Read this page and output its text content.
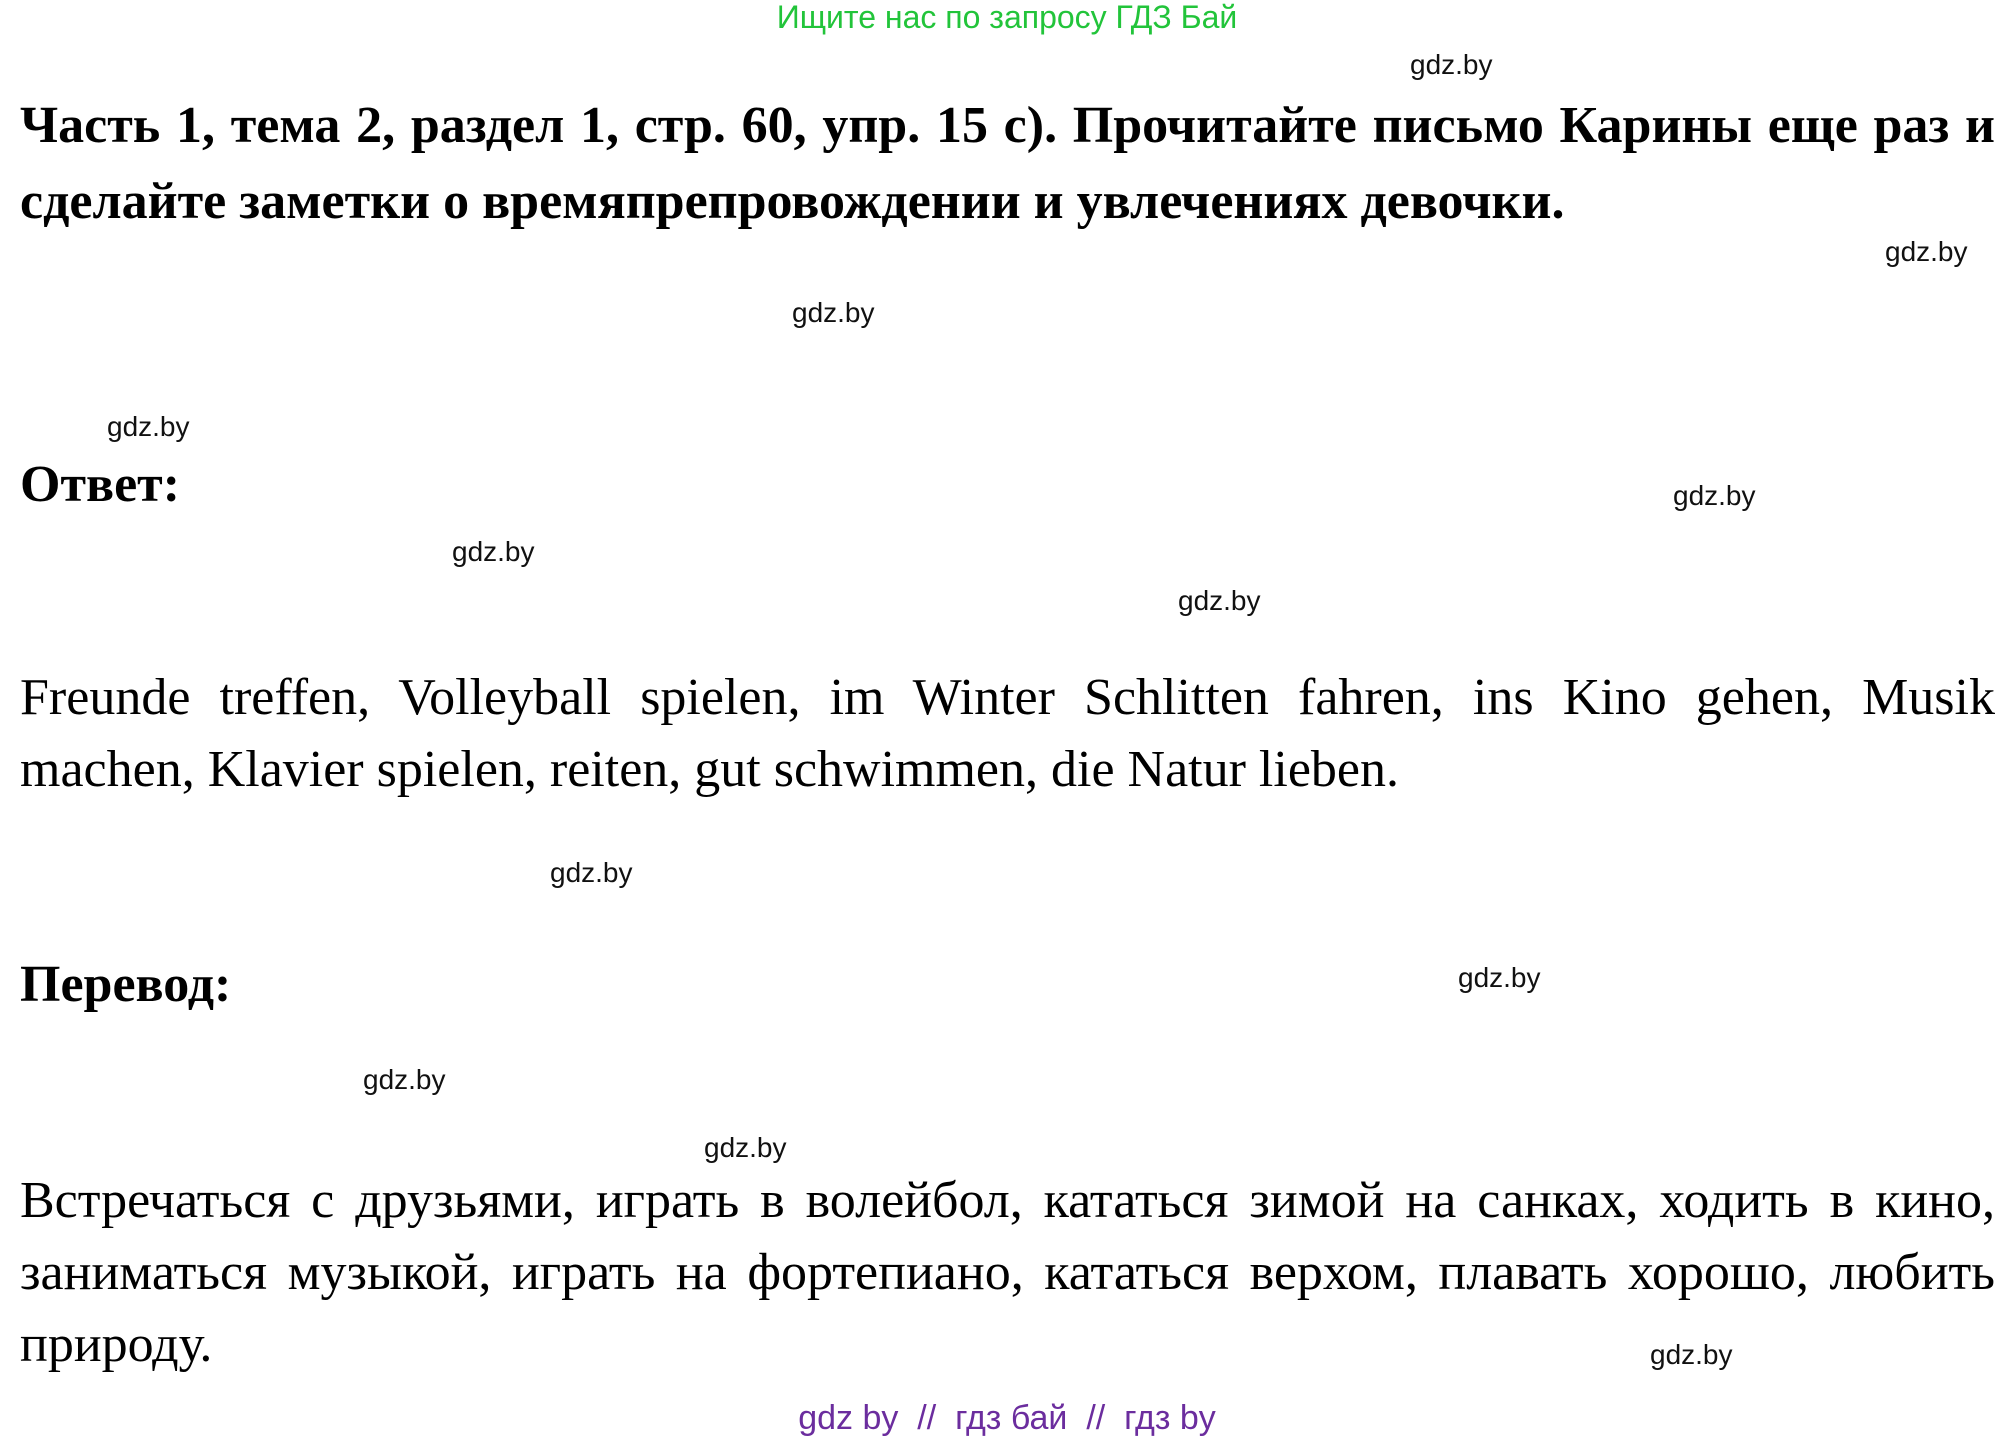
Ищите нас по запросу ГДЗ Бай

Часть 1, тема 2, раздел 1, стр. 60, упр. 15 с). Прочитайте письмо Карины еще раз и сделайте заметки о времяпрепровождении и увлечениях девочки.

Ответ:

Freunde treffen, Volleyball spielen, im Winter Schlitten fahren, ins Kino gehen, Musik machen, Klavier spielen, reiten, gut schwimmen, die Natur lieben.

Перевод:

Встречаться с друзьями, играть в волейбол, кататься зимой на санках, ходить в кино, заниматься музыкой, играть на фортепиано, кататься верхом, плавать хорошо, любить природу.

gdz.by
gdz.by
gdz.by
gdz.by
gdz.by
gdz.by
gdz.by
gdz.by
gdz.by
gdz.by
gdz.by
gdz.by
gdz by  //  гдз бай  //  гдз by
